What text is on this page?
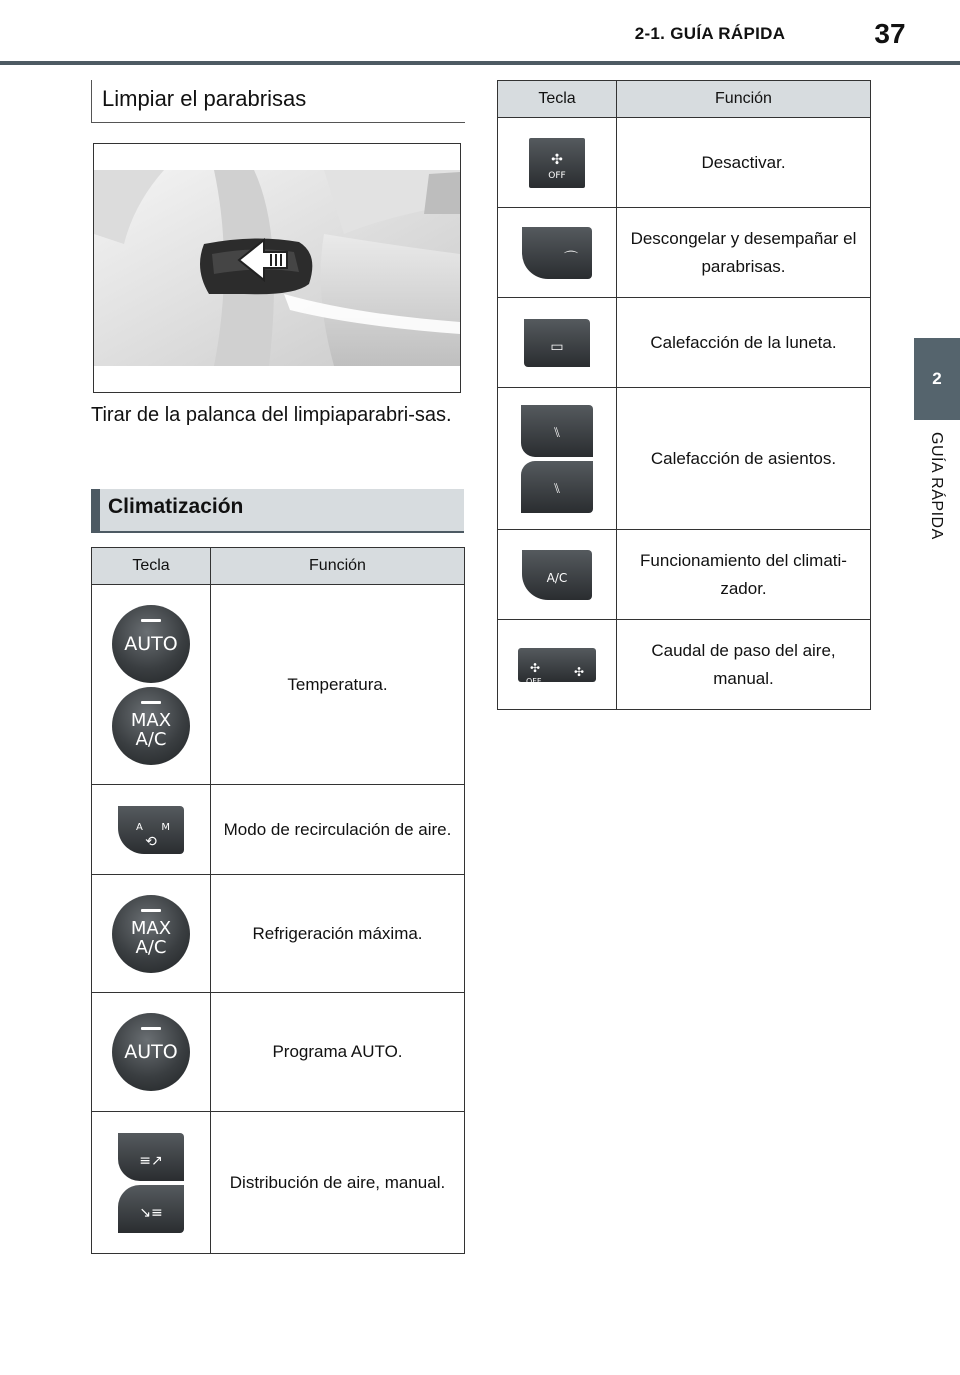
2-1. GUÍA RÁPIDA	37
2
GUÍA RÁPIDA
Limpiar el parabrisas
Tirar de la palanca del limpiaparabri-sas.
Climatización
Tecla	Función

AUTO
MAX
A/C	Temperatura.

A M
⟲	Modo de recirculación de aire.

MAX
A/C	Refrigeración máxima.

AUTO	Programa AUTO.

≡↗
↘≡	Distribución de aire, manual.
Tecla	Función

✣
OFF	Desactivar.

⌒	Descongelar y desempañar el parabrisas.

▭	Calefacción de la luneta.

⑊
⑊	Calefacción de asientos.

A/C	Funcionamiento del climati-zador.

✣
OFF
✣	Caudal de paso del aire, manual.
